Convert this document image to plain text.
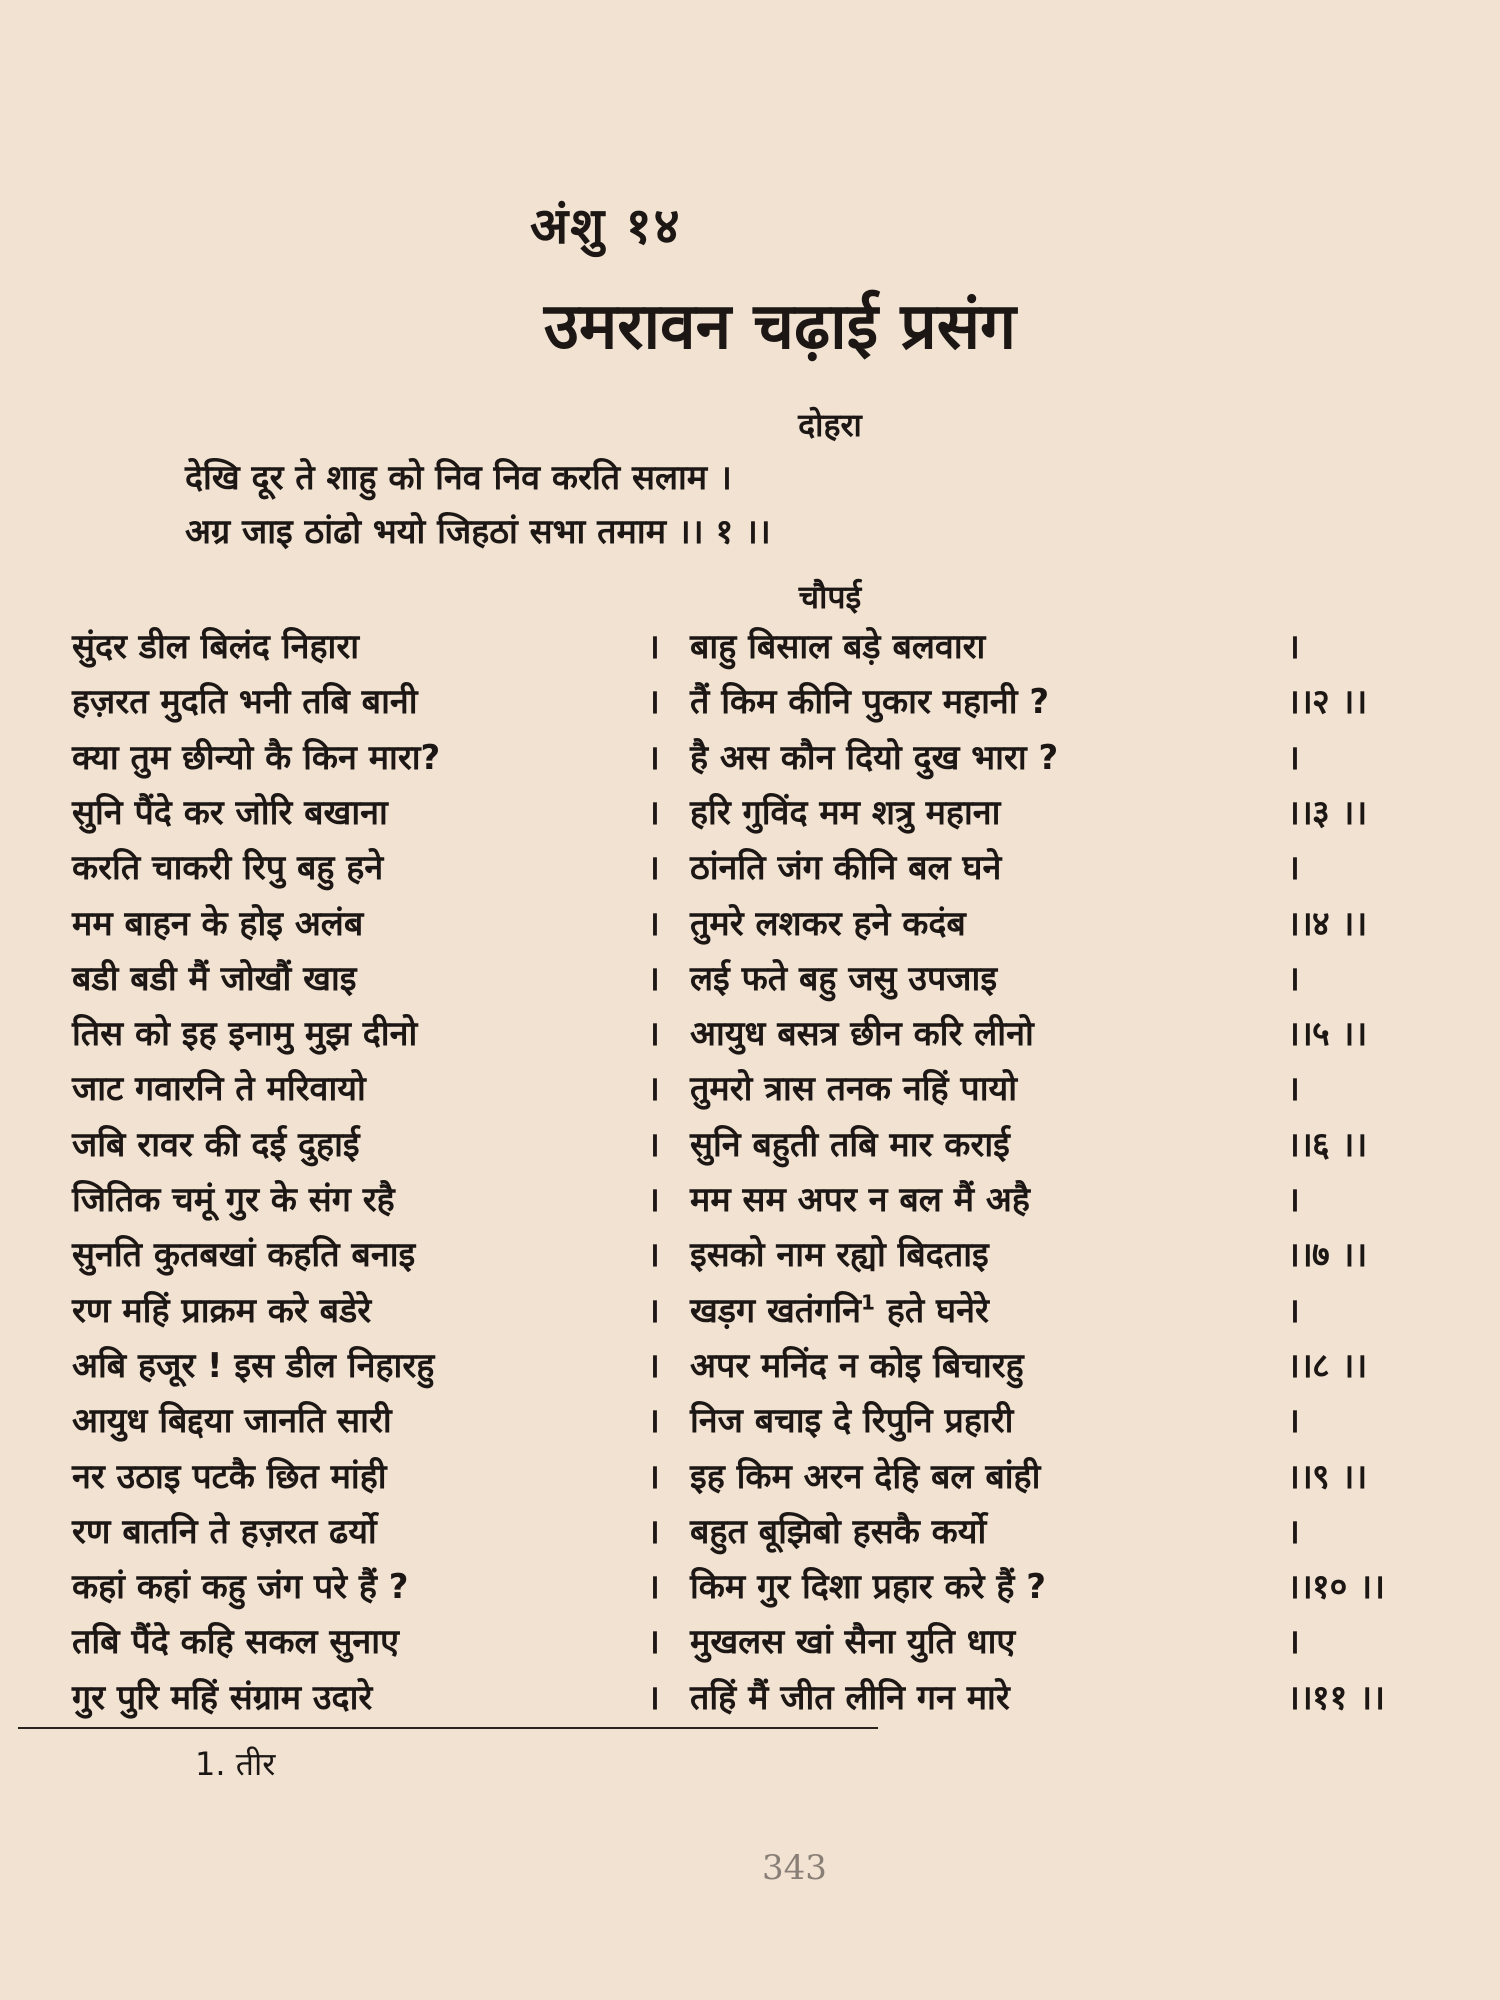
अंशु १४
उमरावन चढ़ाई प्रसंग
दोहरा
देखि दूर ते शाहु को निव निव करति सलाम ।
अग्र जाइ ठांढो भयो जिहठां सभा तमाम ।। १ ।।
चौपई
सुंदर डील बिलंद निहारा	। बाहु बिसाल बड़े बलवारा	।
हज़रत मुदति भनी तबि बानी	। तैं किम कीनि पुकार महानी ?	।। २ ।।
क्या तुम छीन्यो कै किन मारा?	। है अस कौन दियो दुख भारा ?	।
सुनि पैंदे कर जोरि बखाना	। हरि गुविंद मम शत्रु महाना	।। ३ ।।
करति चाकरी रिपु बहु हने	। ठांनति जंग कीनि बल घने	।
मम बाहन के होइ अलंब	। तुमरे लशकर हने कदंब	।। ४ ।।
बडी बडी मैं जोखौं खाइ	। लई फते बहु जसु उपजाइ	।
तिस को इह इनामु मुझ दीनो	। आयुध बसत्र छीन करि लीनो	।। ५ ।।
जाट गवारनि ते मरिवायो	। तुमरो त्रास तनक नहिं पायो	।
जबि रावर की दई दुहाई	। सुनि बहुती तबि मार कराई	।। ६ ।।
जितिक चमूं गुर के संग रहै	। मम सम अपर न बल मैं अहै	।
सुनति कुतबखां कहति बनाइ	। इसको नाम रह्यो बिदताइ	।। ७ ।।
रण महिं प्राक्रम करे बडेरे	। खड़ग खतंगनि$^1$ हते घनेरे	।
अबि हजूर ! इस डील निहारहु	। अपर मनिंद न कोइ बिचारहु	।। ८ ।।
आयुध बिद्दया जानति सारी	। निज बचाइ दे रिपुनि प्रहारी	।
नर उठाइ पटकै छित मांही	। इह किम अरन देहि बल बांही	।। ९ ।।
रण बातनि ते हज़रत ढर्यो	। बहुत बूझिबो हसकै कर्यो	।
कहां कहां कहु जंग परे हैं ?	। किम गुर दिशा प्रहार करे हैं ?	।। १० ।।
तबि पैंदे कहि सकल सुनाए	। मुखलस खां सैना युति धाए	।
गुर पुरि महिं संग्राम उदारे	। तहिं मैं जीत लीनि गन मारे	।। ११ ।।
1. तीर
343
